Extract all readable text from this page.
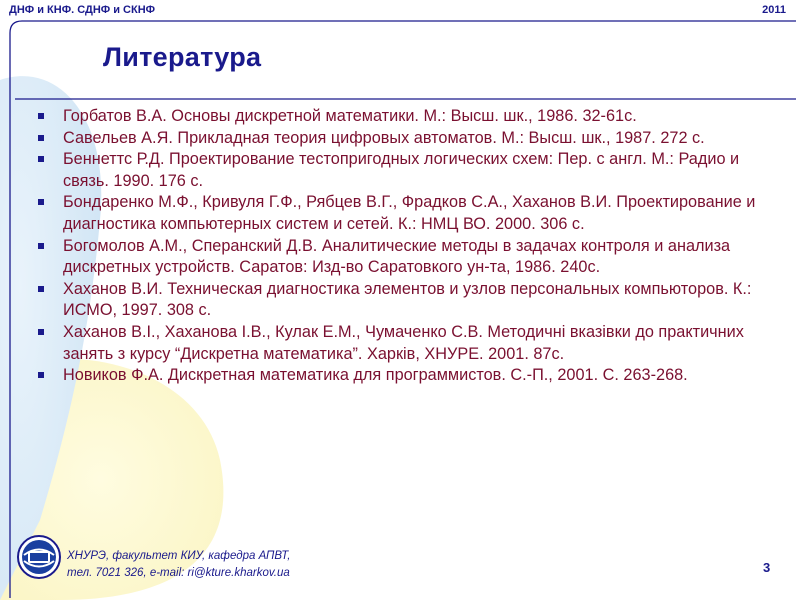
ДНФ и КНФ. СДНФ и СКНФ	2011
Литература
Горбатов В.А. Основы дискретной математики. М.: Высш. шк., 1986. 32-61с.
Савельев А.Я. Прикладная теория цифровых автоматов. М.: Высш. шк., 1987. 272 с.
Беннеттс Р.Д. Проектирование тестопригодных логических схем: Пер. с англ. М.: Радио и связь. 1990. 176 с.
Бондаренко М.Ф., Кривуля Г.Ф., Рябцев В.Г., Фрадков С.А., Хаханов В.И. Проектирование и диагностика компьютерных систем и сетей. К.: НМЦ ВО. 2000. 306 с.
Богомолов А.М., Сперанский Д.В. Аналитические методы в задачах контроля и анализа дискретных устройств. Саратов: Изд-во Саратовкого ун-та, 1986. 240с.
Хаханов В.И. Техническая диагностика элементов и узлов персональных компьюторов. К.: ИСМО, 1997. 308 с.
Хаханов В.І., Хаханова І.В., Кулак Е.М., Чумаченко С.В. Методичні вказівки до практичних занять з курсу “Дискретна математика”. Харків, ХНУРЕ. 2001. 87с.
Новиков Ф.А. Дискретная математика для программистов. С.-П., 2001. С. 263-268.
ХНУРЭ, факультет КИУ, кафедра АПВТ,
тел. 7021 326, e-mail: ri@kture.kharkov.ua	3
